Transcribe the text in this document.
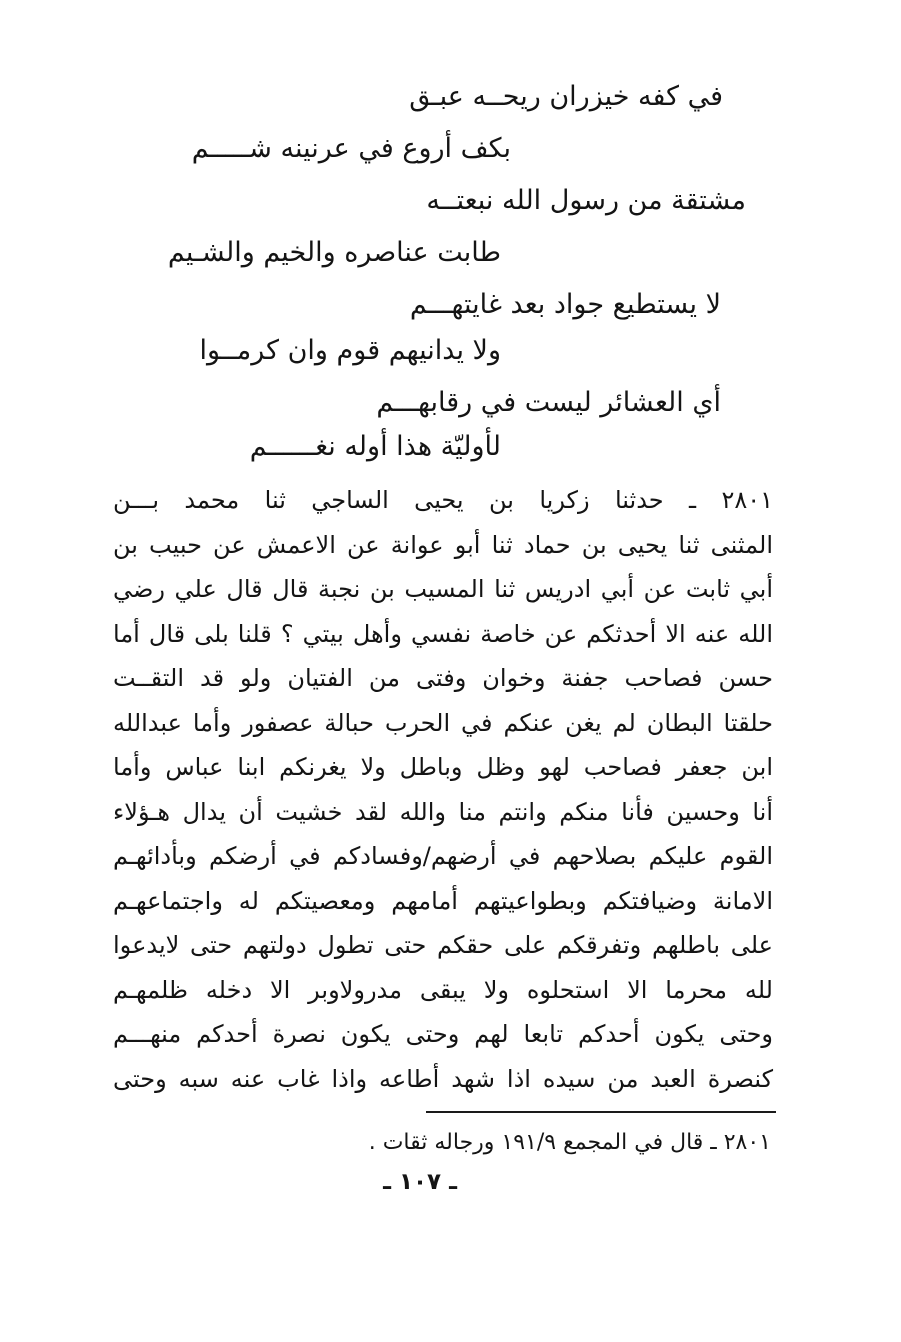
في كفه خيزران ريحــه عبـق
بكف أروع في عرنينه شـــــم
مشتقة من رسول الله نبعتــه
طابت عناصره والخيم والشـيم
لا يستطيع جواد بعد غايتهـــم
ولا يدانيهم قوم وان كرمــوا
أي العشائر ليست في رقابهـــم
لأوليّة هذا أوله نغــــــم
٢٨٠١ ـ حدثنا زكريا بن يحيى الساجي ثنا محمد بـــن
المثنى ثنا يحيى بن حماد ثنا أبو عوانة عن الاعمش عن حبيب بن
أبي ثابت عن أبي ادريس ثنا المسيب بن نجبة قال قال علي رضي
الله عنه الا أحدثكم عن خاصة نفسي وأهل بيتي ؟ قلنا بلى قال أما
حسن فصاحب جفنة وخوان وفتى من الفتيان ولو قد التقــت
حلقتا البطان لم يغن عنكم في الحرب حبالة عصفور وأما عبدالله
ابن جعفر فصاحب لهو وظل وباطل ولا يغرنكم ابنا عباس وأما
أنا وحسين فأنا منكم وانتم منا والله لقد خشيت أن يدال هـؤلاء
القوم عليكم بصلاحهم في أرضهم/وفسادكم في أرضكم وبأدائهـم
الامانة وضيافتكم وبطواعيتهم أمامهم ومعصيتكم له واجتماعهـم
على باطلهم وتفرقكم على حقكم حتى تطول دولتهم حتى لايدعوا
لله محرما الا استحلوه ولا يبقى مدرولاوبر الا دخله ظلمهـم
وحتى يكون أحدكم تابعا لهم وحتى يكون نصرة أحدكم منهـــم
كنصرة العبد من سيده اذا شهد أطاعه واذا غاب عنه سبه وحتى
٢٨٠١ ـ قال في المجمع ١٩١/٩ ورجاله ثقات .
ـ ١٠٧ ـ
